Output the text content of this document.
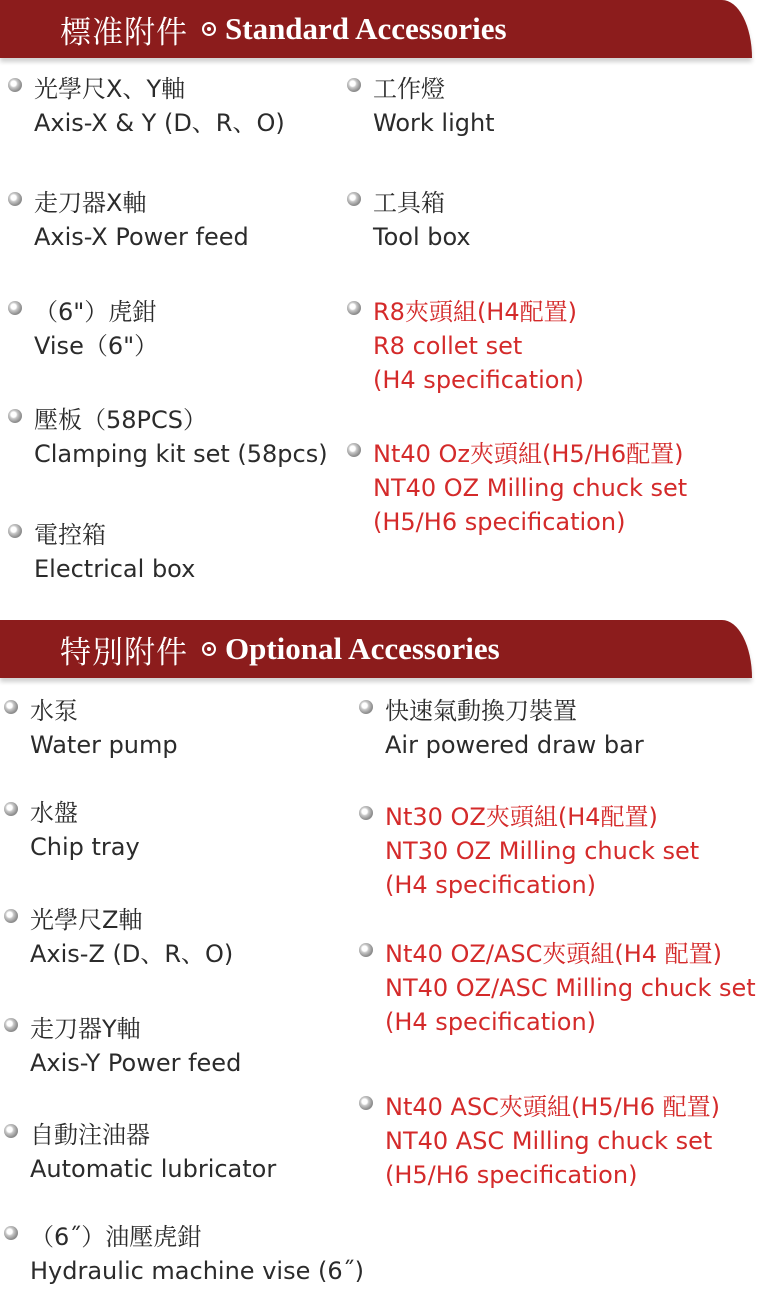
標准附件 Standard Accessories
光學尺X、Y軸
Axis-X & Y (D、R、O)
走刀器X軸
Axis-X Power feed
（6"）虎鉗
Vise（6"）
壓板（58PCS）
Clamping kit set (58pcs)
電控箱
Electrical box
工作燈
Work light
工具箱
Tool box
R8夾頭組(H4配置)
R8 collet set
(H4 specification)
Nt40 Oz夾頭組(H5/H6配置)
NT40 OZ Milling chuck set
(H5/H6 specification)
特別附件 Optional Accessories
水泵
Water pump
水盤
Chip tray
光學尺Z軸
Axis-Z (D、R、O)
走刀器Y軸
Axis-Y Power feed
自動注油器
Automatic lubricator
（6˝）油壓虎鉗
Hydraulic machine vise (6˝)
快速氣動換刀裝置
Air powered draw bar
Nt30 OZ夾頭組(H4配置)
NT30 OZ Milling chuck set
(H4 specification)
Nt40 OZ/ASC夾頭組(H4 配置)
NT40 OZ/ASC Milling chuck set
(H4 specification)
Nt40 ASC夾頭組(H5/H6 配置)
NT40 ASC Milling chuck set
(H5/H6 specification)
